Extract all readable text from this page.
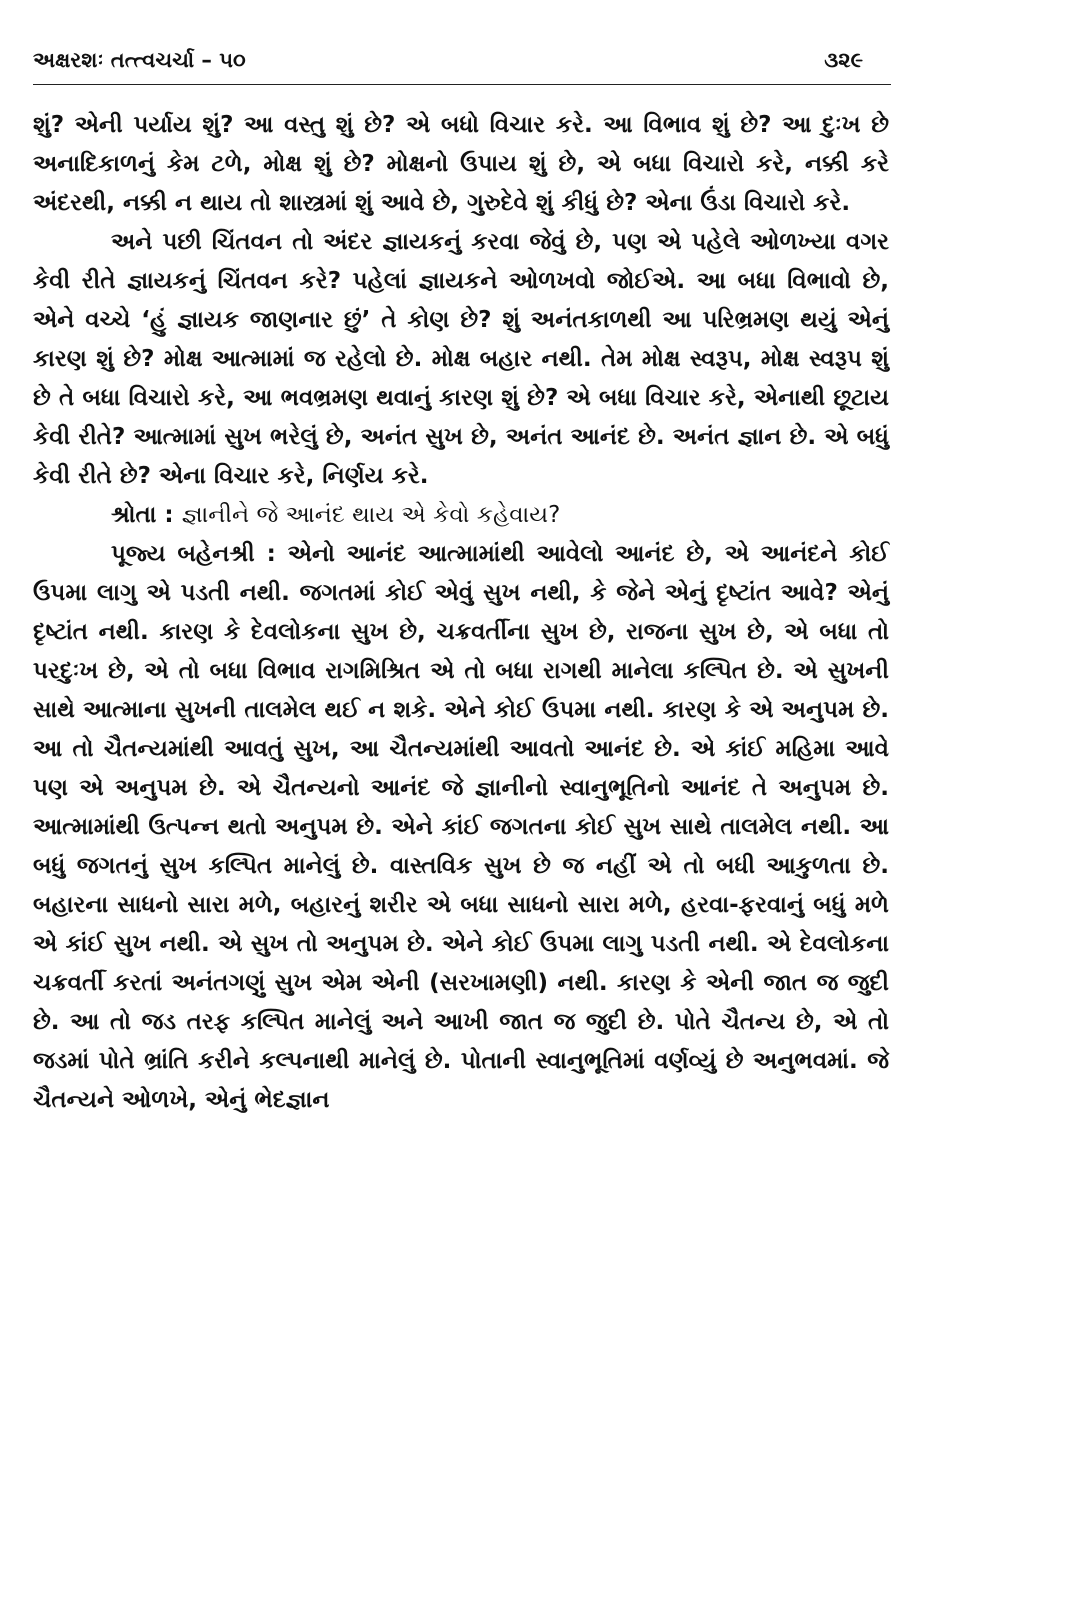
અક્ષરશઃ તત્ત્વચર્ચા – ૫૦	૩૨૯

શું? એની પર્યાય શું? આ વસ્તુ શું છે? એ બધો વિચાર કરે. આ વિભાવ શું છે? આ દુઃખ છે અનાદિકાળનું કેમ ટળે, મોક્ષ શું છે? મોક્ષનો ઉપાય શું છે, એ બધા વિચારો કરે, નક્કી કરે અંદરથી, નક્કી ન થાય તો શાસ્ત્રમાં શું આવે છે, ગુરુદેવે શું કીધું છે? એના ઉંડા વિચારો કરે.

અને પછી ચિંતવન તો અંદર જ્ઞાયકનું કરવા જેવું છે, પણ એ પહેલે ઓળખ્યા વગર કેવી રીતે જ્ઞાયકનું ચિંતવન કરે? પહેલાં જ્ઞાયકને ઓળખવો જોઈએ. આ બધા વિભાવો છે, એને વચ્ચે ‘હું જ્ઞાયક જાણનાર છું’ તે કોણ છે? શું અનંતકાળથી આ પરિભ્રમણ થયું એનું કારણ શું છે? મોક્ષ આત્મામાં જ રહેલો છે. મોક્ષ બહાર નથી. તેમ મોક્ષ સ્વરૂપ, મોક્ષ સ્વરૂપ શું છે તે બધા વિચારો કરે, આ ભવભ્રમણ થવાનું કારણ શું છે? એ બધા વિચાર કરે, એનાથી છૂટાય કેવી રીતે? આત્મામાં સુખ ભરેલું છે, અનંત સુખ છે, અનંત આનંદ છે. અનંત જ્ઞાન છે. એ બધું કેવી રીતે છે? એના વિચાર કરે, નિર્ણય કરે.

શ્રોતા : જ્ઞાનીને જે આનંદ થાય એ કેવો કહેવાય?

પૂજ્ય બહેનશ્રી : એનો આનંદ આત્મામાંથી આવેલો આનંદ છે, એ આનંદને કોઈ ઉપમા લાગુ એ પડતી નથી. જગતમાં કોઈ એવું સુખ નથી, કે જેને એનું દૃષ્ટાંત આવે? એનું દૃષ્ટાંત નથી. કારણ કે દેવલોકના સુખ છે, ચક્રવર્તીના સુખ છે, રાજના સુખ છે, એ બધા તો પરદુઃખ છે, એ તો બધા વિભાવ રાગમિશ્રિત એ તો બધા રાગથી માનેલા કલ્પિત છે. એ સુખની સાથે આત્માના સુખની તાલમેલ થઈ ન શકે. એને કોઈ ઉપમા નથી. કારણ કે એ અનુપમ છે. આ તો ચૈતન્યમાંથી આવતું સુખ, આ ચૈતન્યમાંથી આવતો આનંદ છે. એ કાંઈ મહિમા આવે પણ એ અનુપમ છે. એ ચૈતન્યનો આનંદ જે જ્ઞાનીનો સ્વાનુભૂતિનો આનંદ તે અનુપમ છે. આત્મામાંથી ઉત્પન્ન થતો અનુપમ છે. એને કાંઈ જગતના કોઈ સુખ સાથે તાલમેલ નથી. આ બધું જગતનું સુખ કલ્પિત માનેલું છે. વાસ્તવિક સુખ છે જ નહીં એ તો બધી આકુળતા છે. બહારના સાધનો સારા મળે, બહારનું શરીર એ બધા સાધનો સારા મળે, હરવા-ફરવાનું બધું મળે એ કાંઈ સુખ નથી. એ સુખ તો અનુપમ છે. એને કોઈ ઉપમા લાગુ પડતી નથી. એ દેવલોકના ચક્રવર્તી કરતાં અનંતગણું સુખ એમ એની (સરખામણી) નથી. કારણ કે એની જાત જ જુદી છે. આ તો જડ તરફ કલ્પિત માનેલું અને આખી જાત જ જુદી છે. પોતે ચૈતન્ય છે, એ તો જડમાં પોતે ભ્રાંતિ કરીને કલ્પનાથી માનેલું છે. પોતાની સ્વાનુભૂતિમાં વર્ણવ્યું છે અનુભવમાં. જે ચૈતન્યને ઓળખે, એનું ભેદજ્ઞાન
